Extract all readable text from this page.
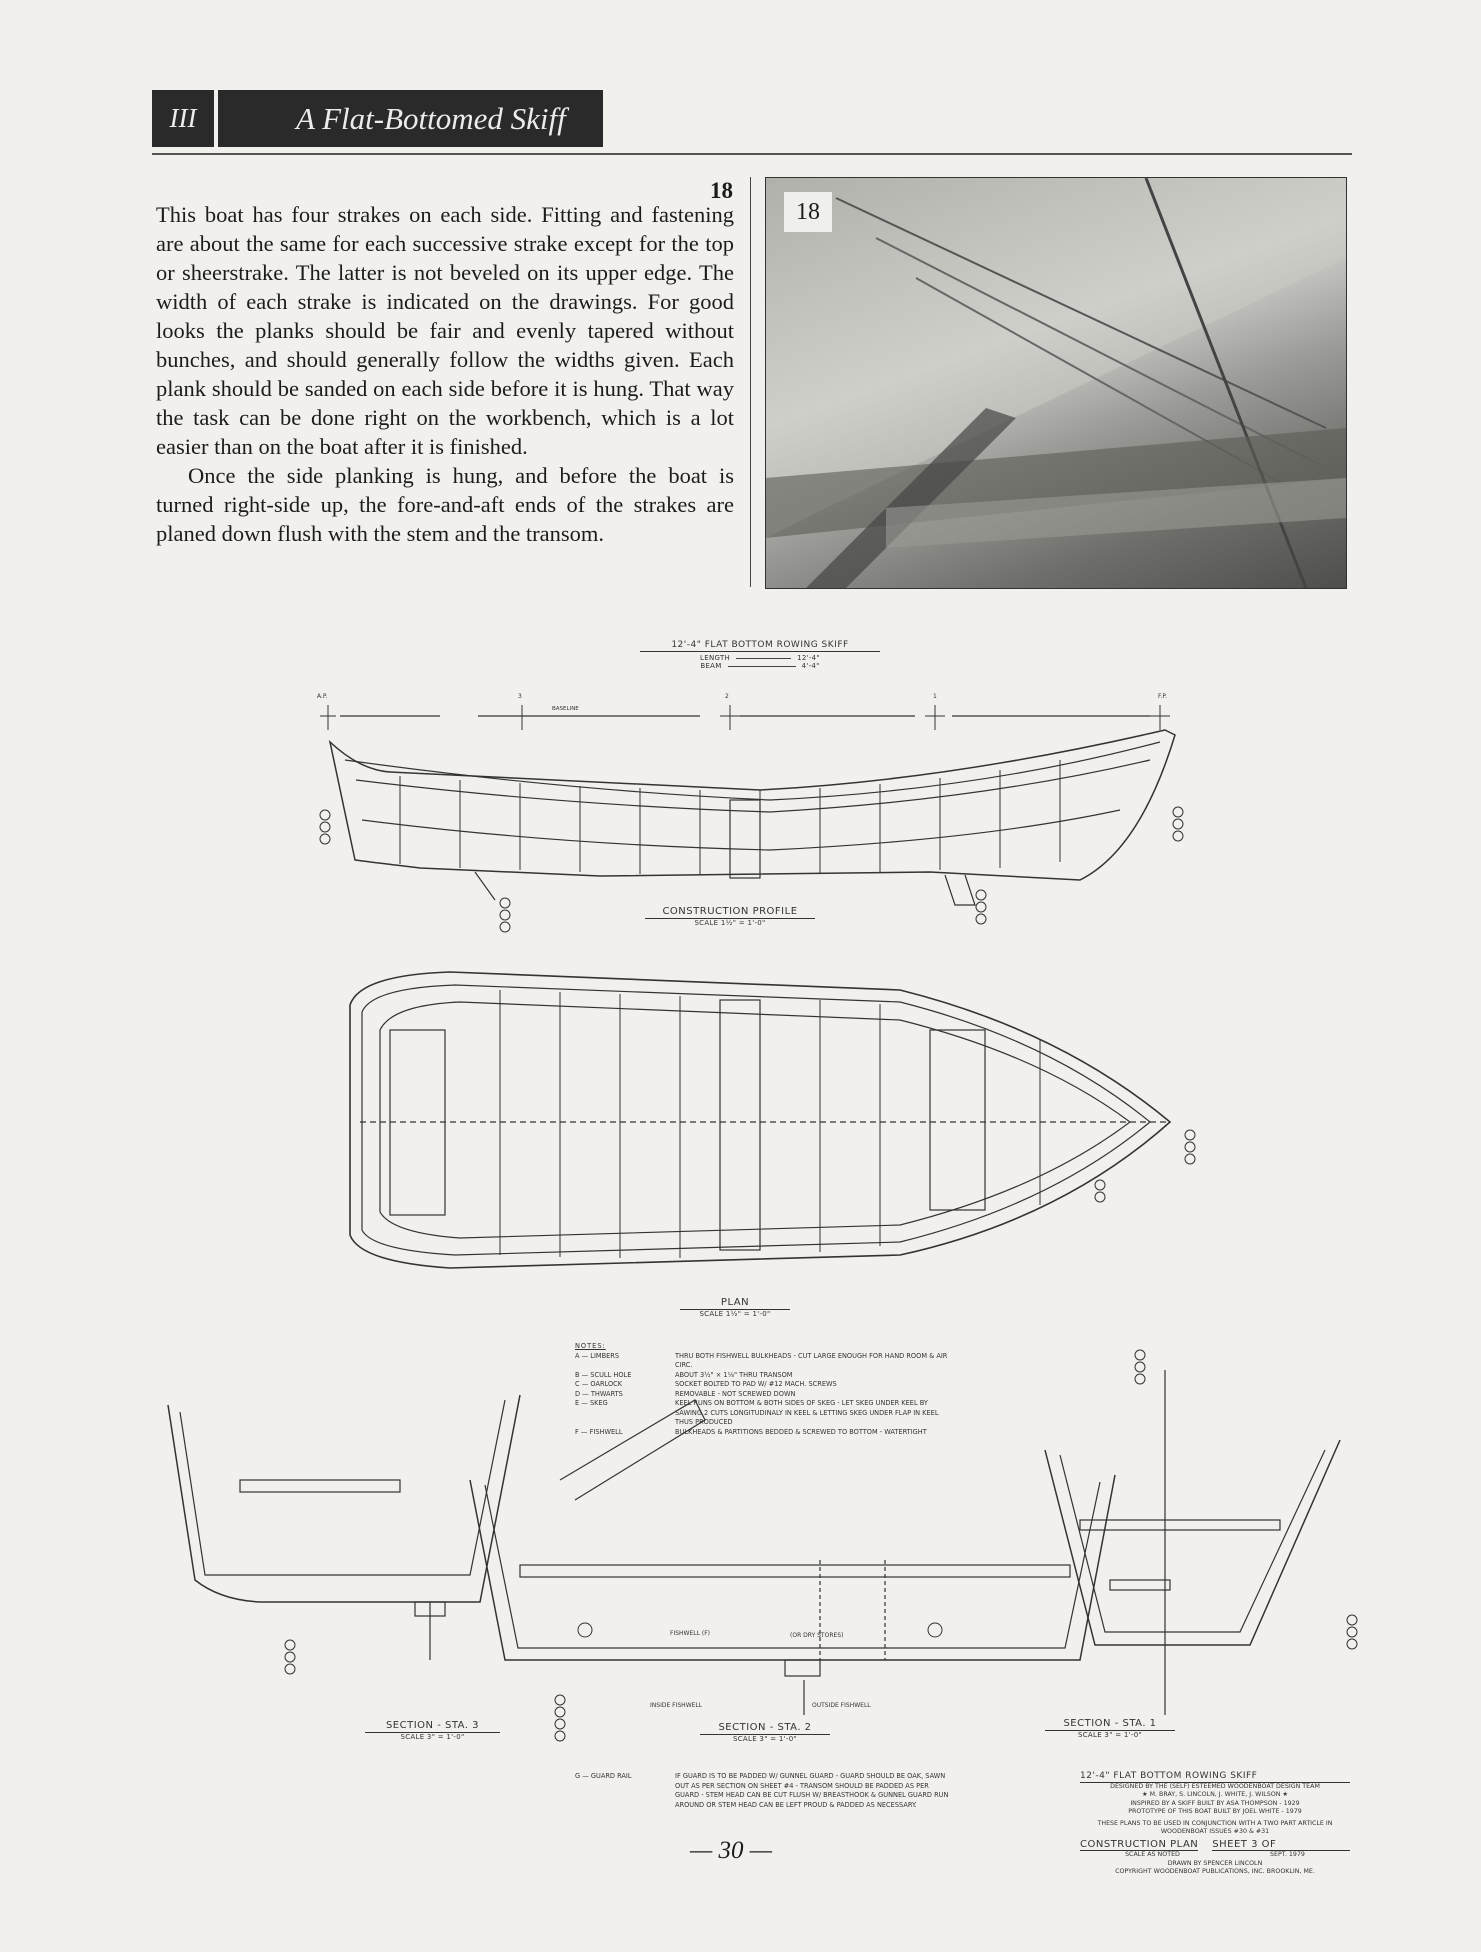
III	A Flat-Bottomed Skiff
18

This boat has four strakes on each side. Fitting and fastening are about the same for each successive strake except for the top or sheerstrake. The latter is not beveled on its upper edge. The width of each strake is indicated on the drawings. For good looks the planks should be fair and evenly tapered without bunches, and should generally follow the widths given. Each plank should be sanded on each side before it is hung. That way the task can be done right on the workbench, which is a lot easier than on the boat after it is finished.

Once the side planking is hung, and before the boat is turned right-side up, the fore-and-aft ends of the strakes are planed down flush with the stem and the transom.

18
12'-4" FLAT BOTTOM ROWING SKIFF
LENGTH	12'-4"
BEAM	4'-4"
A.P.	3	2	1	F.P.
BASELINE
CONSTRUCTION PROFILE
SCALE 1½" = 1'-0"
PLAN
SCALE 1½" = 1'-0"
SECTION - STA. 3
SCALE 3" = 1'-0"
INSIDE FISHWELL	OUTSIDE FISHWELL
FISHWELL (F)	(OR DRY STORES)
SECTION - STA. 2
SCALE 3" = 1'-0"
SECTION - STA. 1
SCALE 3" = 1'-0"
NOTES:
A — LIMBERS	THRU BOTH FISHWELL BULKHEADS - CUT LARGE ENOUGH FOR HAND ROOM & AIR CIRC.
B — SCULL HOLE	ABOUT 3½" × 1⅛" THRU TRANSOM
C — OARLOCK	SOCKET BOLTED TO PAD W/ #12 MACH. SCREWS
D — THWARTS	REMOVABLE - NOT SCREWED DOWN
E — SKEG	KEEL RUNS ON BOTTOM & BOTH SIDES OF SKEG - LET SKEG UNDER KEEL BY SAWING 2 CUTS LONGITUDINALY IN KEEL & LETTING SKEG UNDER FLAP IN KEEL THUS PRODUCED
F — FISHWELL	BULKHEADS & PARTITIONS BEDDED & SCREWED TO BOTTOM - WATERTIGHT
G — GUARD RAIL	IF GUARD IS TO BE PADDED W/ GUNNEL GUARD - GUARD SHOULD BE OAK, SAWN OUT AS PER SECTION ON SHEET #4 - TRANSOM SHOULD BE PADDED AS PER GUARD - STEM HEAD CAN BE CUT FLUSH W/ BREASTHOOK & GUNNEL GUARD RUN AROUND OR STEM HEAD CAN BE LEFT PROUD & PADDED AS NECESSARY.
12'-4" FLAT BOTTOM ROWING SKIFF
DESIGNED BY THE (SELF) ESTEEMED WOODENBOAT DESIGN TEAM
★ M. BRAY, S. LINCOLN, J. WHITE, J. WILSON ★
INSPIRED BY A SKIFF BUILT BY ASA THOMPSON - 1929
PROTOTYPE OF THIS BOAT BUILT BY JOEL WHITE - 1979
THESE PLANS TO BE USED IN CONJUNCTION WITH A TWO PART ARTICLE IN WOODENBOAT ISSUES #30 & #31
CONSTRUCTION PLAN SHEET 3 OF
SCALE AS NOTED	SEPT. 1979
DRAWN BY SPENCER LINCOLN
COPYRIGHT WOODENBOAT PUBLICATIONS, INC. BROOKLIN, ME.
— 30 —
